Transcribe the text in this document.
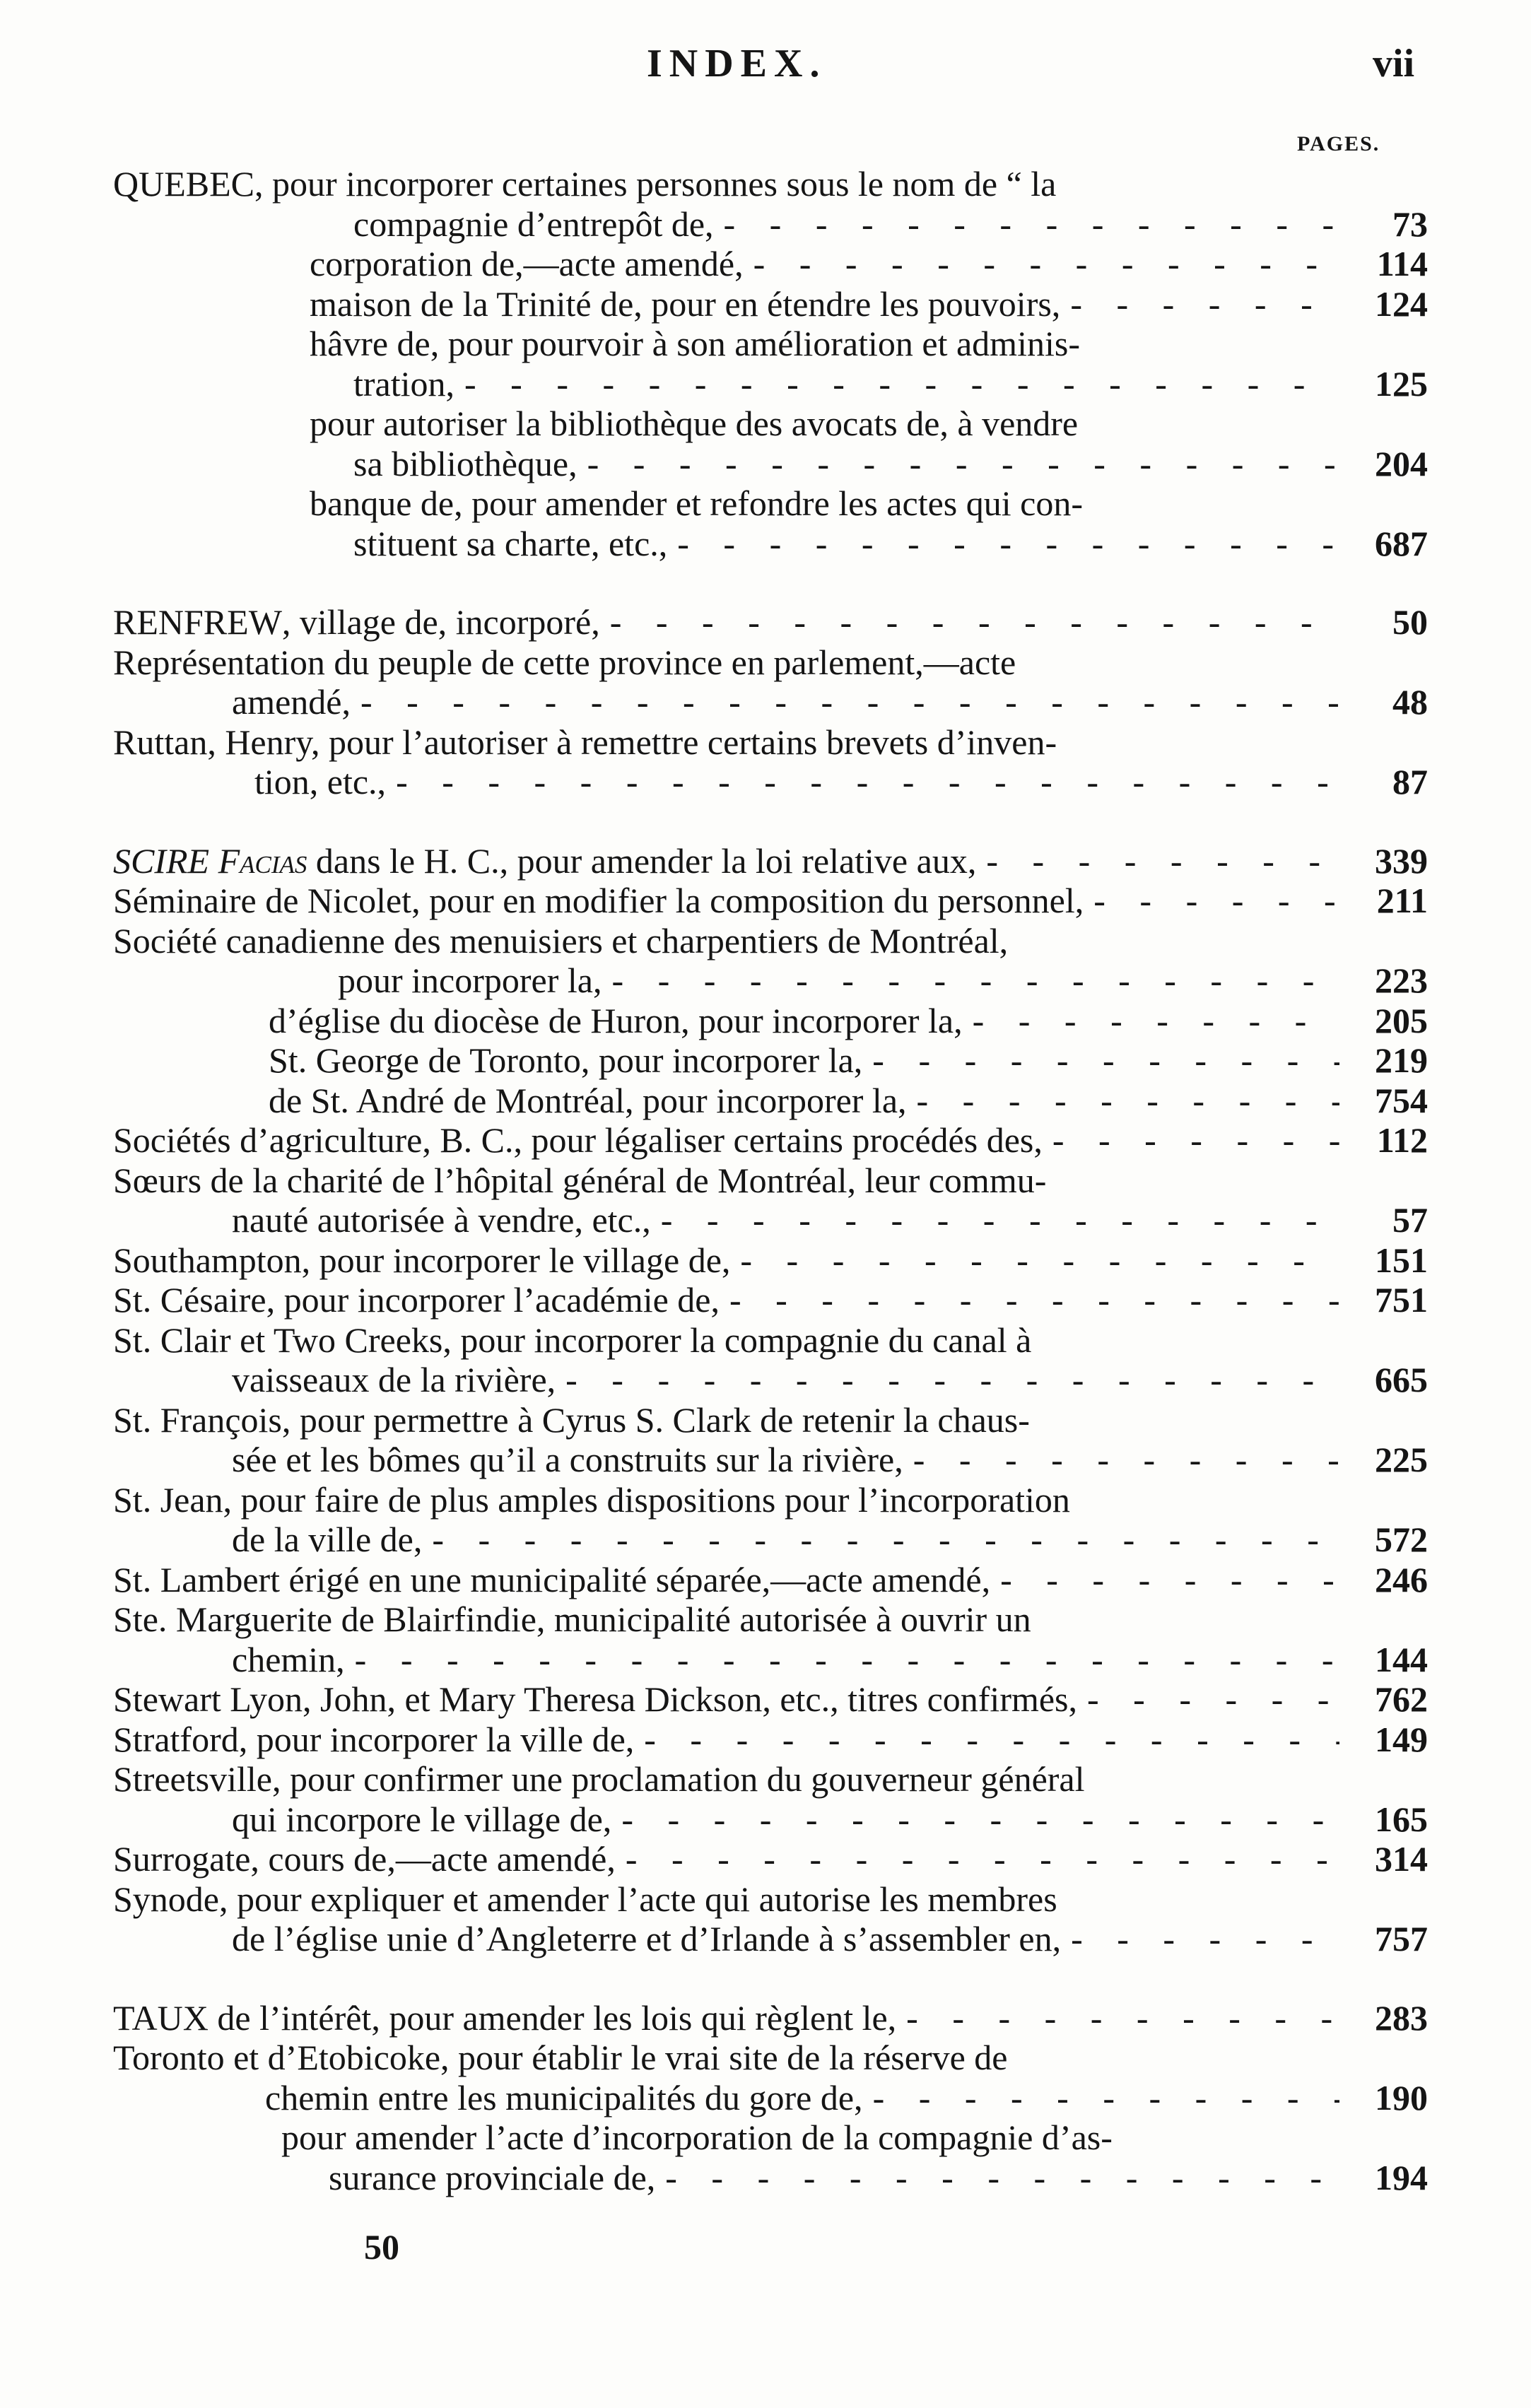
INDEX.	vii
PAGES.
QUEBEC, pour incorporer certaines personnes sous le nom de “ la
compagnie d’entrepôt de, - - -	73
corporation de,—acte amendé, - - -	114
maison de la Trinité de, pour en étendre les pouvoirs, - - -	124
hâvre de, pour pourvoir à son amélioration et adminis-
tration, - - -	125
pour autoriser la bibliothèque des avocats de, à vendre
sa bibliothèque, - - -	204
banque de, pour amender et refondre les actes qui con-
stituent sa charte, etc., - - -	687
RENFREW, village de, incorporé, - - -	50
Représentation du peuple de cette province en parlement,—acte
amendé, - - -	48
Ruttan, Henry, pour l’autoriser à remettre certains brevets d’inven-
tion, etc., - - -	87
SCIRE Facias dans le H. C., pour amender la loi relative aux, - - -	339
Séminaire de Nicolet, pour en modifier la composition du personnel, - - -	211
Société canadienne des menuisiers et charpentiers de Montréal,
pour incorporer la, - - -	223
d’église du diocèse de Huron, pour incorporer la, - - -	205
St. George de Toronto, pour incorporer la, - - -	219
de St. André de Montréal, pour incorporer la, - - -	754
Sociétés d’agriculture, B. C., pour légaliser certains procédés des, - - -	112
Sœurs de la charité de l’hôpital général de Montréal, leur commu-
nauté autorisée à vendre, etc., - - -	57
Southampton, pour incorporer le village de, - - -	151
St. Césaire, pour incorporer l’académie de, - - -	751
St. Clair et Two Creeks, pour incorporer la compagnie du canal à
vaisseaux de la rivière, - - -	665
St. François, pour permettre à Cyrus S. Clark de retenir la chaus-
sée et les bômes qu’il a construits sur la rivière, - - -	225
St. Jean, pour faire de plus amples dispositions pour l’incorporation
de la ville de, - - -	572
St. Lambert érigé en une municipalité séparée,—acte amendé, - - -	246
Ste. Marguerite de Blairfindie, municipalité autorisée à ouvrir un
chemin, - - -	144
Stewart Lyon, John, et Mary Theresa Dickson, etc., titres confirmés, - - -	762
Stratford, pour incorporer la ville de, - - -	149
Streetsville, pour confirmer une proclamation du gouverneur général
qui incorpore le village de, - - -	165
Surrogate, cours de,—acte amendé, - - -	314
Synode, pour expliquer et amender l’acte qui autorise les membres
de l’église unie d’Angleterre et d’Irlande à s’assembler en, - - -	757
TAUX de l’intérêt, pour amender les lois qui règlent le, - - -	283
Toronto et d’Etobicoke, pour établir le vrai site de la réserve de
chemin entre les municipalités du gore de, - - -	190
pour amender l’acte d’incorporation de la compagnie d’as-
surance provinciale de, - - -	194
50
